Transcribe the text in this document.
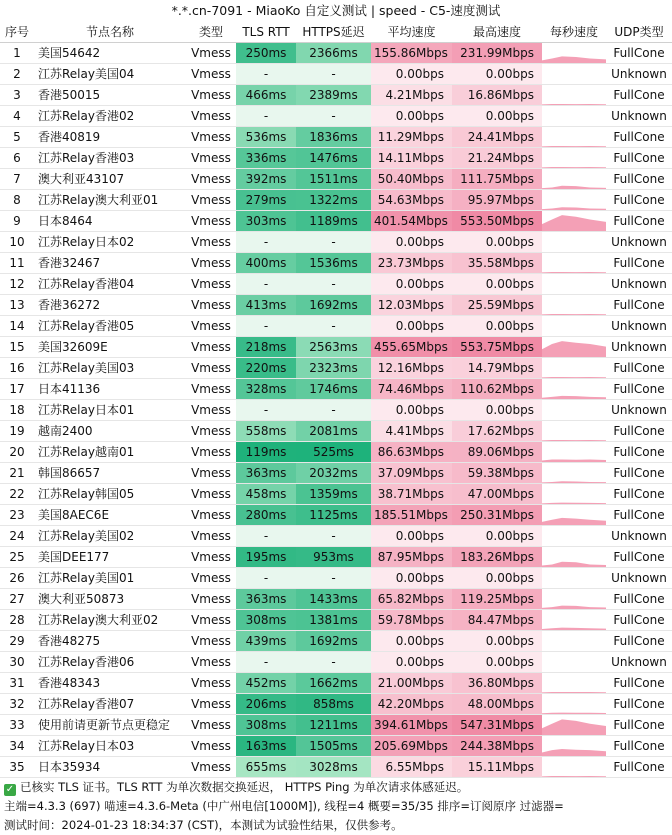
*.*.cn-7091 - MiaoKo 自定义测试 | speed - C5-速度测试
序号	节点名称	类型	TLS RTT	HTTPS延迟	平均速度	最高速度	每秒速度	UDP类型
1	美国54642	Vmess	250ms	2366ms	155.86Mbps	231.99Mbps		FullCone
2	江苏Relay美国04	Vmess	-	-	0.00bps	0.00bps		Unknown
3	香港50015	Vmess	466ms	2389ms	4.21Mbps	16.86Mbps		FullCone
4	江苏Relay香港02	Vmess	-	-	0.00bps	0.00bps		Unknown
5	香港40819	Vmess	536ms	1836ms	11.29Mbps	24.41Mbps		FullCone
6	江苏Relay香港03	Vmess	336ms	1476ms	14.11Mbps	21.24Mbps		FullCone
7	澳大利亚43107	Vmess	392ms	1511ms	50.40Mbps	111.75Mbps		FullCone
8	江苏Relay澳大利亚01	Vmess	279ms	1322ms	54.63Mbps	95.97Mbps		FullCone
9	日本8464	Vmess	303ms	1189ms	401.54Mbps	553.50Mbps		FullCone
10	江苏Relay日本02	Vmess	-	-	0.00bps	0.00bps		Unknown
11	香港32467	Vmess	400ms	1536ms	23.73Mbps	35.58Mbps		FullCone
12	江苏Relay香港04	Vmess	-	-	0.00bps	0.00bps		Unknown
13	香港36272	Vmess	413ms	1692ms	12.03Mbps	25.59Mbps		FullCone
14	江苏Relay香港05	Vmess	-	-	0.00bps	0.00bps		Unknown
15	美国32609E	Vmess	218ms	2563ms	455.65Mbps	553.75Mbps		Unknown
16	江苏Relay美国03	Vmess	220ms	2323ms	12.16Mbps	14.79Mbps		FullCone
17	日本41136	Vmess	328ms	1746ms	74.46Mbps	110.62Mbps		FullCone
18	江苏Relay日本01	Vmess	-	-	0.00bps	0.00bps		Unknown
19	越南2400	Vmess	558ms	2081ms	4.41Mbps	17.62Mbps		FullCone
20	江苏Relay越南01	Vmess	119ms	525ms	86.63Mbps	89.06Mbps		FullCone
21	韩国86657	Vmess	363ms	2032ms	37.09Mbps	59.38Mbps		FullCone
22	江苏Relay韩国05	Vmess	458ms	1359ms	38.71Mbps	47.00Mbps		FullCone
23	美国8AEC6E	Vmess	280ms	1125ms	185.51Mbps	250.31Mbps		FullCone
24	江苏Relay美国02	Vmess	-	-	0.00bps	0.00bps		Unknown
25	美国DEE177	Vmess	195ms	953ms	87.95Mbps	183.26Mbps		FullCone
26	江苏Relay美国01	Vmess	-	-	0.00bps	0.00bps		Unknown
27	澳大利亚50873	Vmess	363ms	1433ms	65.82Mbps	119.25Mbps		FullCone
28	江苏Relay澳大利亚02	Vmess	308ms	1381ms	59.78Mbps	84.47Mbps		FullCone
29	香港48275	Vmess	439ms	1692ms	0.00bps	0.00bps		FullCone
30	江苏Relay香港06	Vmess	-	-	0.00bps	0.00bps		Unknown
31	香港48343	Vmess	452ms	1662ms	21.00Mbps	36.80Mbps		FullCone
32	江苏Relay香港07	Vmess	206ms	858ms	42.20Mbps	48.00Mbps		FullCone
33	使用前请更新节点更稳定	Vmess	308ms	1211ms	394.61Mbps	547.31Mbps		FullCone
34	江苏Relay日本03	Vmess	163ms	1505ms	205.69Mbps	244.38Mbps		FullCone
35	日本35934	Vmess	655ms	3028ms	6.55Mbps	15.11Mbps		FullCone
✓ 已核实 TLS 证书。TLS RTT 为单次数据交换延迟， HTTPS Ping 为单次请求体感延迟。
主端=4.3.3 (697) 喵速=4.3.6-Meta (中广州电信[1000M]), 线程=4 概要=35/35 排序=订阅原序 过滤器=
测试时间：2024-01-23 18:34:37 (CST)，本测试为试验性结果，仅供参考。
